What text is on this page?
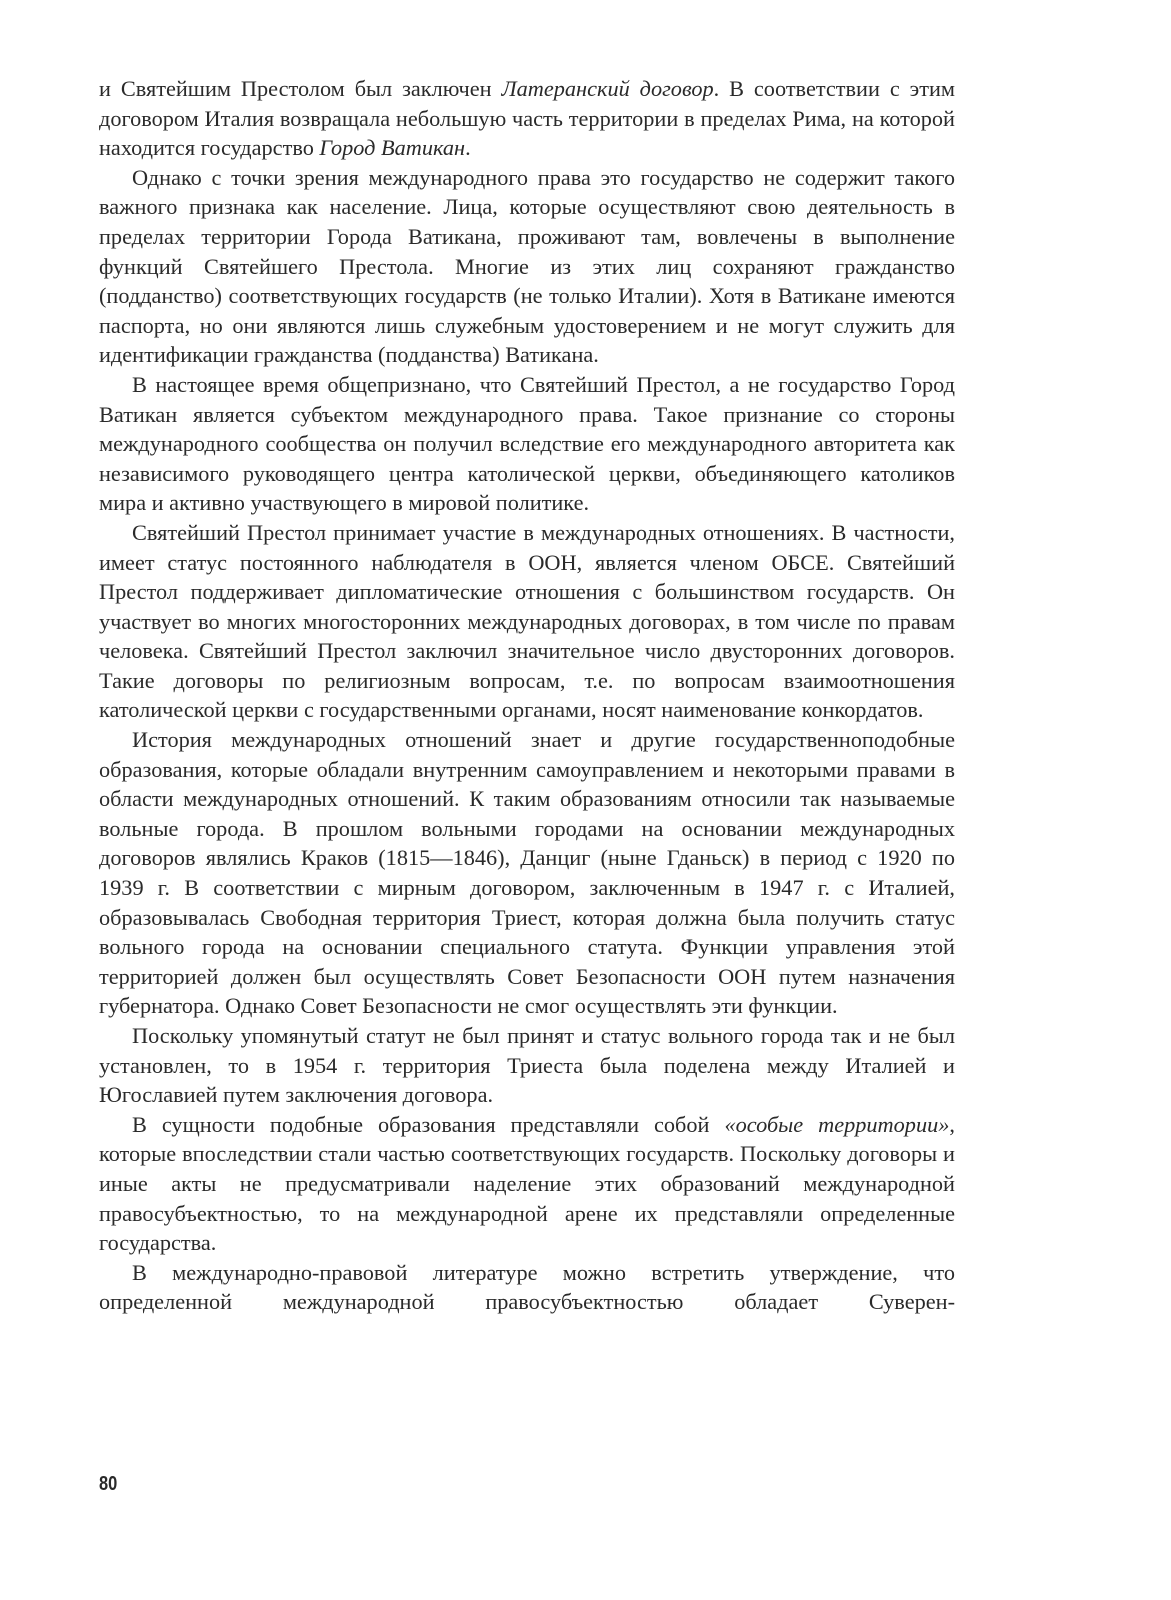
и Святейшим Престолом был заключен Латеранский договор. В соответствии с этим договором Италия возвращала небольшую часть территории в пределах Рима, на которой находится государство Город Ватикан.

Однако с точки зрения международного права это государство не содержит такого важного признака как население. Лица, которые осуществляют свою деятельность в пределах территории Города Ватикана, проживают там, вовлечены в выполнение функций Святейшего Престола. Многие из этих лиц сохраняют гражданство (подданство) соответствующих государств (не только Италии). Хотя в Ватикане имеются паспорта, но они являются лишь служебным удостоверением и не могут служить для идентификации гражданства (подданства) Ватикана.

В настоящее время общепризнано, что Святейший Престол, а не государство Город Ватикан является субъектом международного права. Такое признание со стороны международного сообщества он получил вследствие его международного авторитета как независимого руководящего центра католической церкви, объединяющего католиков мира и активно участвующего в мировой политике.

Святейший Престол принимает участие в международных отношениях. В частности, имеет статус постоянного наблюдателя в ООН, является членом ОБСЕ. Святейший Престол поддерживает дипломатические отношения с большинством государств. Он участвует во многих многосторонних международных договорах, в том числе по правам человека. Святейший Престол заключил значительное число двусторонних договоров. Такие договоры по религиозным вопросам, т.е. по вопросам взаимоотношения католической церкви с государственными органами, носят наименование конкордатов.

История международных отношений знает и другие государственноподобные образования, которые обладали внутренним самоуправлением и некоторыми правами в области международных отношений. К таким образованиям относили так называемые вольные города. В прошлом вольными городами на основании международных договоров являлись Краков (1815—1846), Данциг (ныне Гданьск) в период с 1920 по 1939 г. В соответствии с мирным договором, заключенным в 1947 г. с Италией, образовывалась Свободная территория Триест, которая должна была получить статус вольного города на основании специального статута. Функции управления этой территорией должен был осуществлять Совет Безопасности ООН путем назначения губернатора. Однако Совет Безопасности не смог осуществлять эти функции.

Поскольку упомянутый статут не был принят и статус вольного города так и не был установлен, то в 1954 г. территория Триеста была поделена между Италией и Югославией путем заключения договора.

В сущности подобные образования представляли собой «особые территории», которые впоследствии стали частью соответствующих государств. Поскольку договоры и иные акты не предусматривали наделение этих образований международной правосубъектностью, то на международной арене их представляли определенные государства.

В международно-правовой литературе можно встретить утверждение, что определенной международной правосубъектностью обладает Суверен-

80
